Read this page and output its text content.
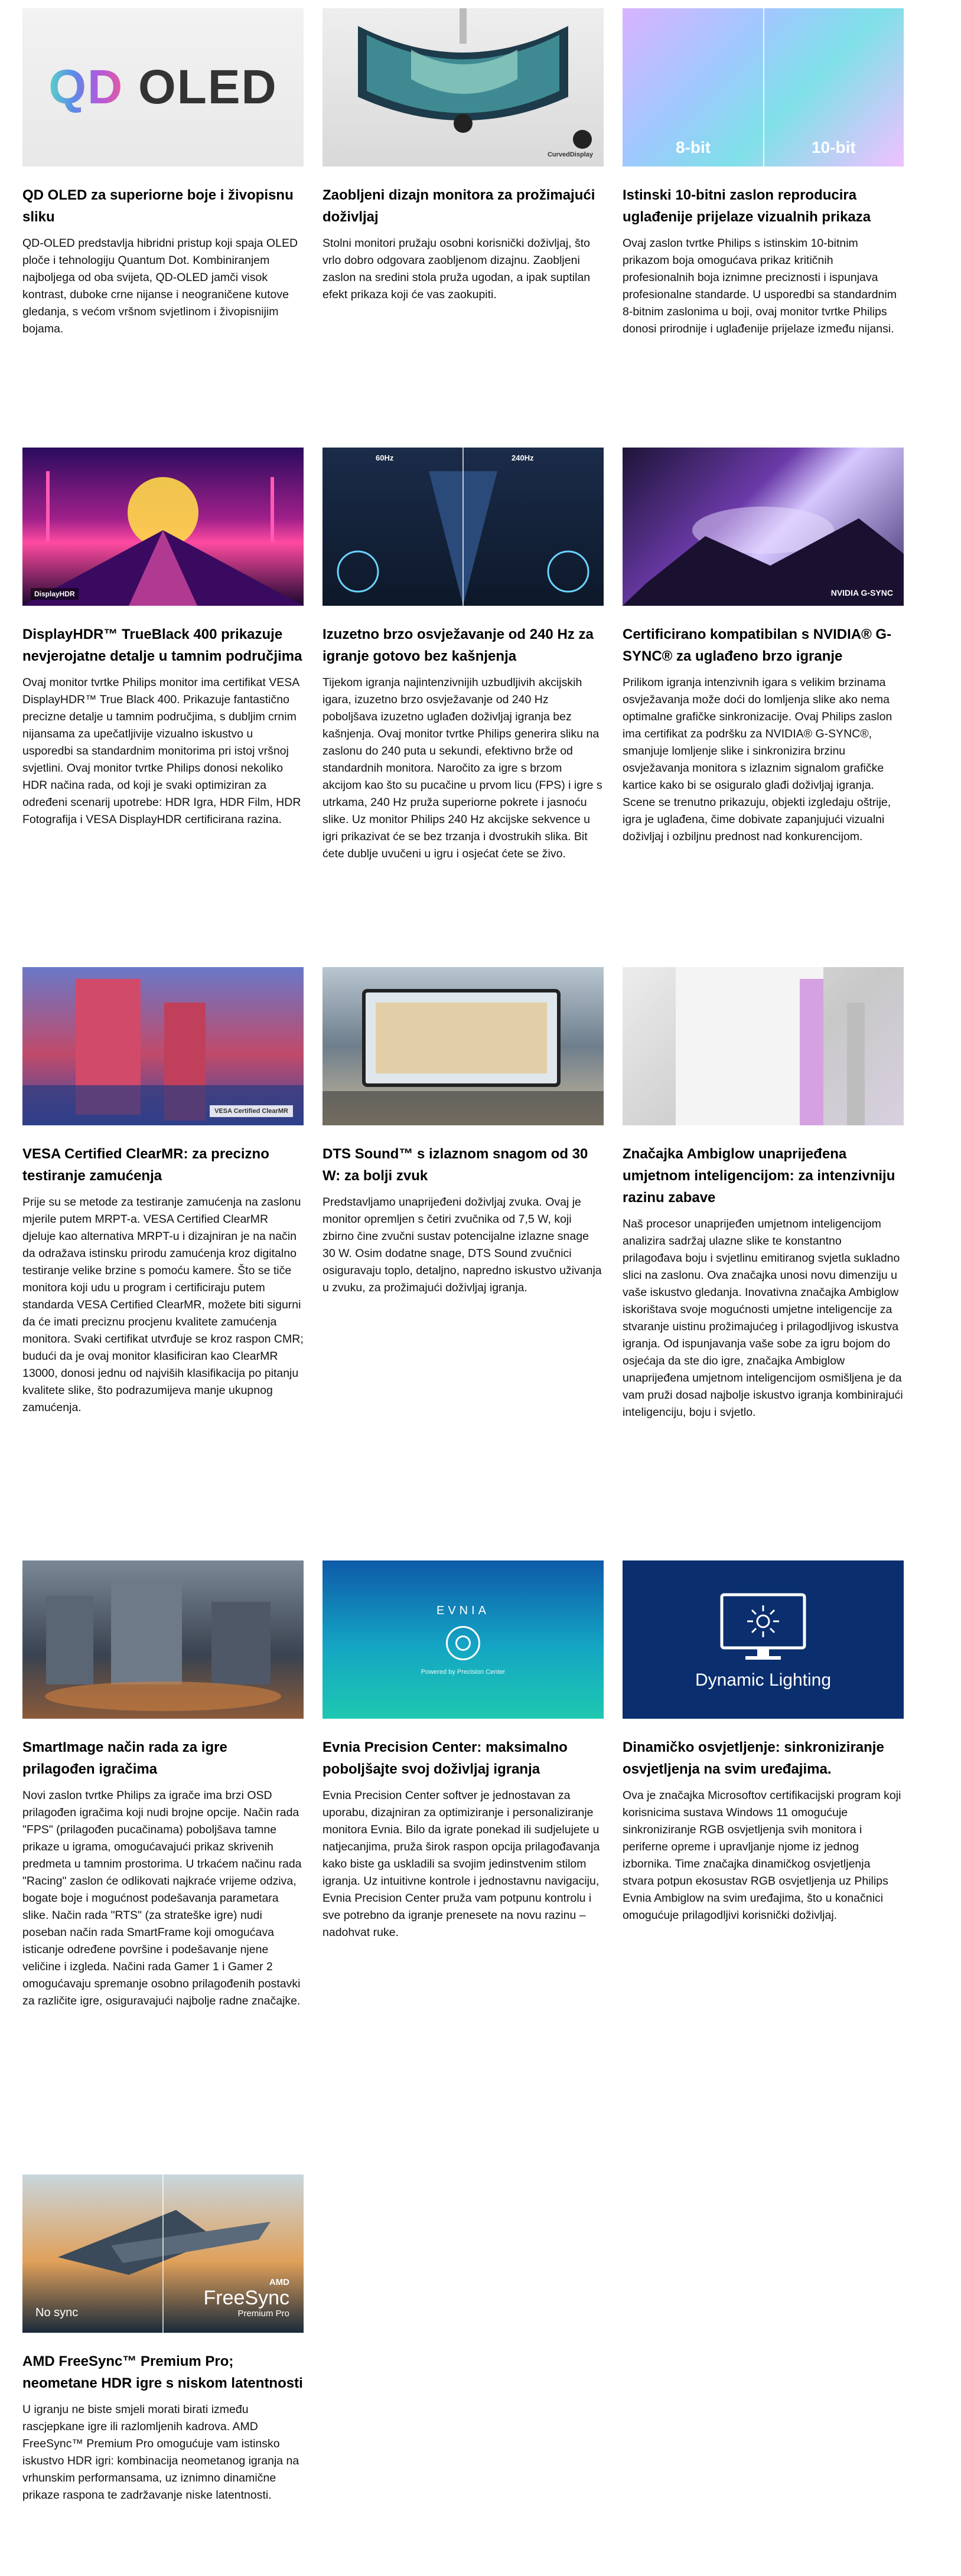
QD OLED
QD OLED za superiorne boje i živopisnu sliku
QD-OLED predstavlja hibridni pristup koji spaja OLED ploče i tehnologiju Quantum Dot. Kombiniranjem najboljega od oba svijeta, QD-OLED jamči visok kontrast, duboke crne nijanse i neograničene kutove gledanja, s većom vršnom svjetlinom i živopisnijim bojama.
CurvedDisplay
Zaobljeni dizajn monitora za prožimajući doživljaj
Stolni monitori pružaju osobni korisnički doživljaj, što vrlo dobro odgovara zaobljenom dizajnu. Zaobljeni zaslon na sredini stola pruža ugodan, a ipak suptilan efekt prikaza koji će vas zaokupiti.
8-bit	10-bit
Istinski 10-bitni zaslon reproducira uglađenije prijelaze vizualnih prikaza
Ovaj zaslon tvrtke Philips s istinskim 10-bitnim prikazom boja omogućava prikaz kritičnih profesionalnih boja iznimne preciznosti i ispunjava profesionalne standarde. U usporedbi sa standardnim 8-bitnim zaslonima u boji, ovaj monitor tvrtke Philips donosi prirodnije i uglađenije prijelaze između nijansi.
DisplayHDR
DisplayHDR™ TrueBlack 400 prikazuje nevjerojatne detalje u tamnim područjima
Ovaj monitor tvrtke Philips monitor ima certifikat VESA DisplayHDR™ True Black 400. Prikazuje fantastično precizne detalje u tamnim područjima, s dubljim crnim nijansama za upečatljivije vizualno iskustvo u usporedbi sa standardnim monitorima pri istoj vršnoj svjetlini. Ovaj monitor tvrtke Philips donosi nekoliko HDR načina rada, od koji je svaki optimiziran za određeni scenarij upotrebe: HDR Igra, HDR Film, HDR Fotografija i VESA DisplayHDR certificirana razina.
60Hz	240Hz
Izuzetno brzo osvježavanje od 240 Hz za igranje gotovo bez kašnjenja
Tijekom igranja najintenzivnijih uzbudljivih akcijskih igara, izuzetno brzo osvježavanje od 240 Hz poboljšava izuzetno uglađen doživljaj igranja bez kašnjenja. Ovaj monitor tvrtke Philips generira sliku na zaslonu do 240 puta u sekundi, efektivno brže od standardnih monitora. Naročito za igre s brzom akcijom kao što su pucačine u prvom licu (FPS) i igre s utrkama, 240 Hz pruža superiorne pokrete i jasnoću slike. Uz monitor Philips 240 Hz akcijske sekvence u igri prikazivat će se bez trzanja i dvostrukih slika. Bit ćete dublje uvučeni u igru i osjećat ćete se živo.
NVIDIA G-SYNC
Certificirano kompatibilan s NVIDIA® G-SYNC® za uglađeno brzo igranje
Prilikom igranja intenzivnih igara s velikim brzinama osvježavanja može doći do lomljenja slike ako nema optimalne grafičke sinkronizacije. Ovaj Philips zaslon ima certifikat za podršku za NVIDIA® G-SYNC®, smanjuje lomljenje slike i sinkronizira brzinu osvježavanja monitora s izlaznim signalom grafičke kartice kako bi se osiguralo glađi doživljaj igranja. Scene se trenutno prikazuju, objekti izgledaju oštrije, igra je uglađena, čime dobivate zapanjujući vizualni doživljaj i ozbiljnu prednost nad konkurencijom.
VESA Certified ClearMR
VESA Certified ClearMR: za precizno testiranje zamućenja
Prije su se metode za testiranje zamućenja na zaslonu mjerile putem MRPT-a. VESA Certified ClearMR djeluje kao alternativa MRPT-u i dizajniran je na način da odražava istinsku prirodu zamućenja kroz digitalno testiranje velike brzine s pomoću kamere. Što se tiče monitora koji udu u program i certificiraju putem standarda VESA Certified ClearMR, možete biti sigurni da će imati preciznu procjenu kvalitete zamućenja monitora. Svaki certifikat utvrđuje se kroz raspon CMR; budući da je ovaj monitor klasificiran kao ClearMR 13000, donosi jednu od najviših klasifikacija po pitanju kvalitete slike, što podrazumijeva manje ukupnog zamućenja.
DTS Sound™ s izlaznom snagom od 30 W: za bolji zvuk
Predstavljamo unaprijeđeni doživljaj zvuka. Ovaj je monitor opremljen s četiri zvučnika od 7,5 W, koji zbirno čine zvučni sustav potencijalne izlazne snage 30 W. Osim dodatne snage, DTS Sound zvučnici osiguravaju toplo, detaljno, napredno iskustvo uživanja u zvuku, za prožimajući doživljaj igranja.
Značajka Ambiglow unaprijeđena umjetnom inteligencijom: za intenzivniju razinu zabave
Naš procesor unaprijeđen umjetnom inteligencijom analizira sadržaj ulazne slike te konstantno prilagođava boju i svjetlinu emitiranog svjetla sukladno slici na zaslonu. Ova značajka unosi novu dimenziju u vaše iskustvo gledanja. Inovativna značajka Ambiglow iskorištava svoje mogućnosti umjetne inteligencije za stvaranje uistinu prožimajućeg i prilagodljivog iskustva igranja. Od ispunjavanja vaše sobe za igru bojom do osjećaja da ste dio igre, značajka Ambiglow unaprijeđena umjetnom inteligencijom osmišljena je da vam pruži dosad najbolje iskustvo igranja kombinirajući inteligenciju, boju i svjetlo.
SmartImage način rada za igre prilagođen igračima
Novi zaslon tvrtke Philips za igrače ima brzi OSD prilagođen igračima koji nudi brojne opcije. Način rada "FPS" (prilagođen pucačinama) poboljšava tamne prikaze u igrama, omogućavajući prikaz skrivenih predmeta u tamnim prostorima. U trkaćem načinu rada "Racing" zaslon će odlikovati najkraće vrijeme odziva, bogate boje i mogućnost podešavanja parametara slike. Način rada "RTS" (za strateške igre) nudi poseban način rada SmartFrame koji omogućava isticanje određene površine i podešavanje njene veličine i izgleda. Načini rada Gamer 1 i Gamer 2 omogućavaju spremanje osobno prilagođenih postavki za različite igre, osiguravajući najbolje radne značajke.
EVNIA
Powered by Precision Center
Evnia Precision Center: maksimalno poboljšajte svoj doživljaj igranja
Evnia Precision Center softver je jednostavan za uporabu, dizajniran za optimiziranje i personaliziranje monitora Evnia. Bilo da igrate ponekad ili sudjelujete u natjecanjima, pruža širok raspon opcija prilagođavanja kako biste ga uskladili sa svojim jedinstvenim stilom igranja. Uz intuitivne kontrole i jednostavnu navigaciju, Evnia Precision Center pruža vam potpunu kontrolu i sve potrebno da igranje prenesete na novu razinu – nadohvat ruke.
Dynamic Lighting
Dinamičko osvjetljenje: sinkroniziranje osvjetljenja na svim uređajima.
Ova je značajka Microsoftov certifikacijski program koji korisnicima sustava Windows 11 omogućuje sinkroniziranje RGB osvjetljenja svih monitora i periferne opreme i upravljanje njome iz jednog izbornika. Time značajka dinamičkog osvjetljenja stvara potpun ekosustav RGB osvjetljenja uz Philips Evnia Ambiglow na svim uređajima, što u konačnici omogućuje prilagodljivi korisnički doživljaj.
No sync
AMD
FreeSync
Premium Pro
AMD FreeSync™ Premium Pro; neometane HDR igre s niskom latentnosti
U igranju ne biste smjeli morati birati između rascjepkane igre ili razlomljenih kadrova. AMD FreeSync™ Premium Pro omogućuje vam istinsko iskustvo HDR igri: kombinacija neometanog igranja na vrhunskim performansama, uz iznimno dinamične prikaze raspona te zadržavanje niske latentnosti.
